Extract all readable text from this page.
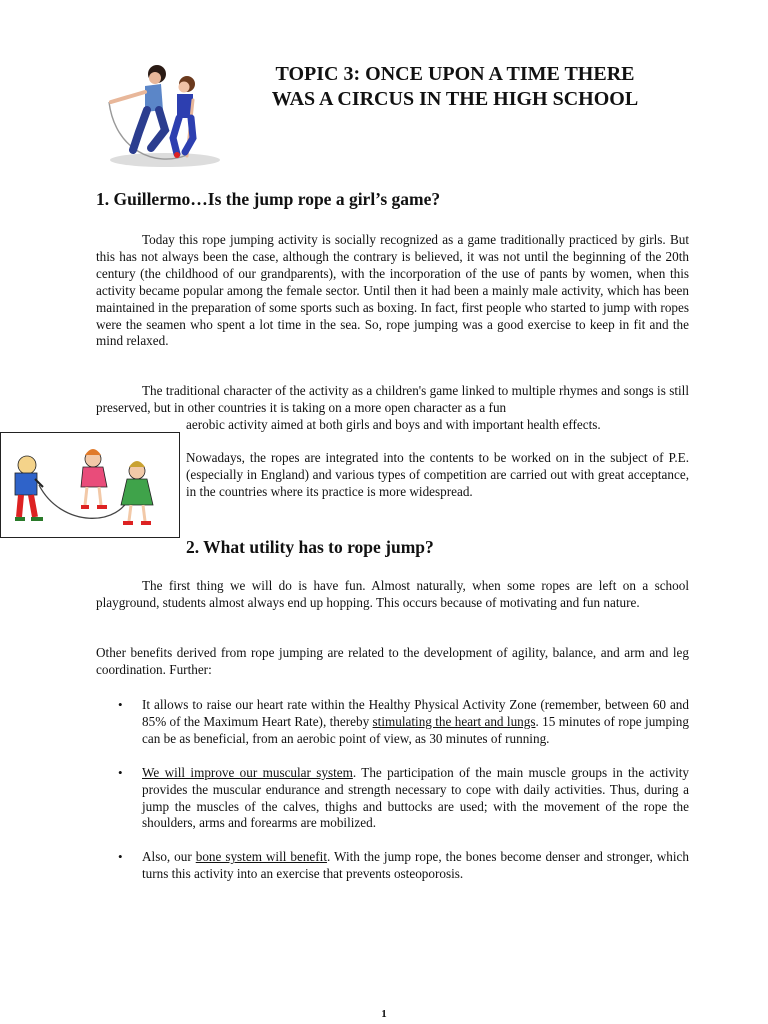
TOPIC 3: ONCE UPON A TIME THERE
WAS A CIRCUS IN THE HIGH SCHOOL
1. Guillermo…Is the jump rope a girl’s game?

Today this rope jumping activity is socially recognized as a game traditionally practiced by girls. But this has not always been the case, although the contrary is believed, it was not until the beginning of the 20th century (the childhood of our grandparents), with the incorporation of the use of pants by women, when this activity became popular among the female sector. Until then it had been a mainly male activity, which has been maintained in the preparation of some sports such as boxing. In fact, first people who started to jump with ropes were the seamen who spent a lot time in the sea. So, rope jumping was a good exercise to keep in fit and the mind relaxed.

The traditional character of the activity as a children's game linked to multiple rhymes and songs is still preserved, but in other countries it is taking on a more open character as a fun

aerobic activity aimed at both girls and boys and with important health effects.

Nowadays, the ropes are integrated into the contents to be worked on in the subject of P.E. (especially in England) and various types of competition are carried out with great acceptance, in the countries where its practice is more widespread.

2. What utility has to rope jump?

The first thing we will do is have fun. Almost naturally, when some ropes are left on a school playground, students almost always end up hopping. This occurs because of motivating and fun nature.

Other benefits derived from rope jumping are related to the development of agility, balance, and arm and leg coordination. Further:

• It allows to raise our heart rate within the Healthy Physical Activity Zone (remember, between 60 and 85% of the Maximum Heart Rate), thereby stimulating the heart and lungs. 15 minutes of rope jumping can be as beneficial, from an aerobic point of view, as 30 minutes of running.
• We will improve our muscular system. The participation of the main muscle groups in the activity provides the muscular endurance and strength necessary to cope with daily activities. Thus, during a jump the muscles of the calves, thighs and buttocks are used; with the movement of the rope the shoulders, arms and forearms are mobilized.
• Also, our bone system will benefit. With the jump rope, the bones become denser and stronger, which turns this activity into an exercise that prevents osteoporosis.
1
